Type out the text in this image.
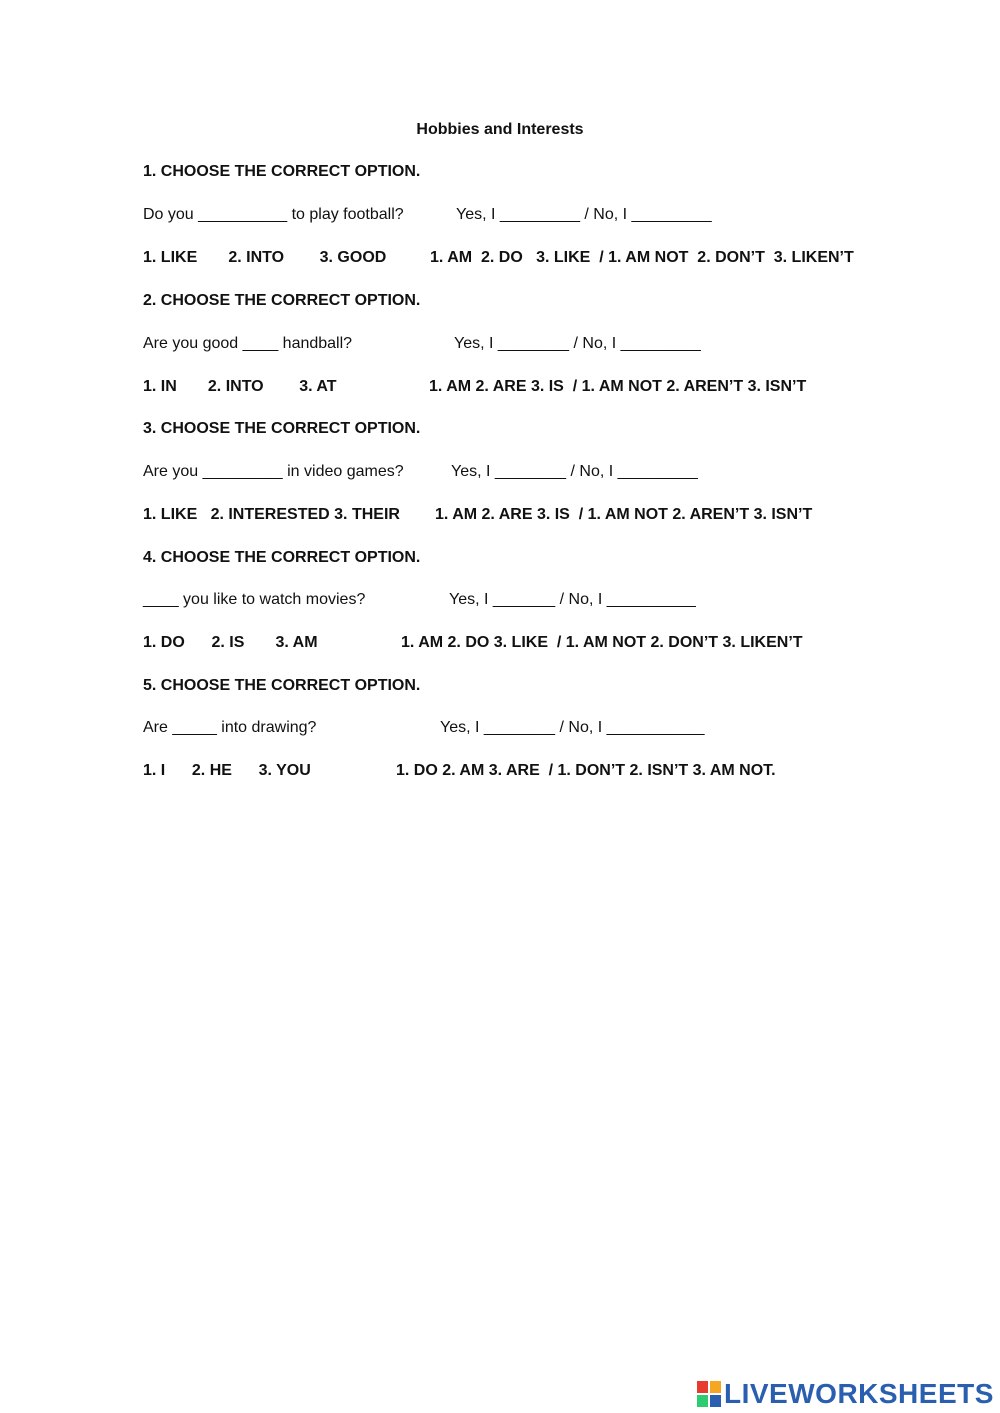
Hobbies and Interests
1. CHOOSE THE CORRECT OPTION.
Do you __________ to play football?	Yes, I _________ / No, I _________
1. LIKE       2. INTO        3. GOOD	1. AM  2. DO   3. LIKE  / 1. AM NOT  2. DON’T  3. LIKEN’T
2. CHOOSE THE CORRECT OPTION.
Are you good ____ handball?	Yes, I ________ / No, I _________
1. IN       2. INTO        3. AT	1. AM 2. ARE 3. IS  / 1. AM NOT 2. AREN’T 3. ISN’T
3. CHOOSE THE CORRECT OPTION.
Are you _________ in video games?	Yes, I ________ / No, I _________
1. LIKE   2. INTERESTED 3. THEIR 1. AM 2. ARE 3. IS  / 1. AM NOT 2. AREN’T 3. ISN’T
4. CHOOSE THE CORRECT OPTION.
____ you like to watch movies?	Yes, I _______ / No, I __________
1. DO      2. IS       3. AM	1. AM 2. DO 3. LIKE  / 1. AM NOT 2. DON’T 3. LIKEN’T
5. CHOOSE THE CORRECT OPTION.
Are _____ into drawing?	Yes, I ________ / No, I ___________
1. I      2. HE      3. YOU	1. DO 2. AM 3. ARE  / 1. DON’T 2. ISN’T 3. AM NOT.
LIVEWORKSHEETS
